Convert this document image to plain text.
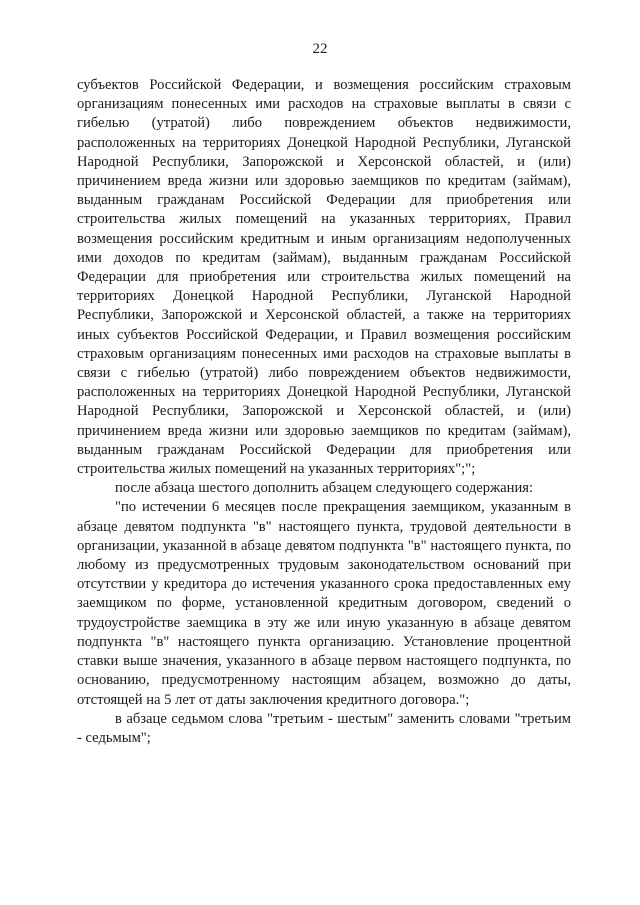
22

субъектов Российской Федерации, и возмещения российским страховым организациям понесенных ими расходов на страховые выплаты в связи с гибелью (утратой) либо повреждением объектов недвижимости, расположенных на территориях Донецкой Народной Республики, Луганской Народной Республики, Запорожской и Херсонской областей, и (или) причинением вреда жизни или здоровью заемщиков по кредитам (займам), выданным гражданам Российской Федерации для приобретения или строительства жилых помещений на указанных территориях, Правил возмещения российским кредитным и иным организациям недополученных ими доходов по кредитам (займам), выданным гражданам Российской Федерации для приобретения или строительства жилых помещений на территориях Донецкой Народной Республики, Луганской Народной Республики, Запорожской и Херсонской областей, а также на территориях иных субъектов Российской Федерации, и Правил возмещения российским страховым организациям понесенных ими расходов на страховые выплаты в связи с гибелью (утратой) либо повреждением объектов недвижимости, расположенных на территориях Донецкой Народной Республики, Луганской Народной Республики, Запорожской и Херсонской областей, и (или) причинением вреда жизни или здоровью заемщиков по кредитам (займам), выданным гражданам Российской Федерации для приобретения или строительства жилых помещений на указанных территориях";";

после абзаца шестого дополнить абзацем следующего содержания:

"по истечении 6 месяцев после прекращения заемщиком, указанным в абзаце девятом подпункта "в" настоящего пункта, трудовой деятельности в организации, указанной в абзаце девятом подпункта "в" настоящего пункта, по любому из предусмотренных трудовым законодательством оснований при отсутствии у кредитора до истечения указанного срока предоставленных ему заемщиком по форме, установленной кредитным договором, сведений о трудоустройстве заемщика в эту же или иную указанную в абзаце девятом подпункта "в" настоящего пункта организацию. Установление процентной ставки выше значения, указанного в абзаце первом настоящего подпункта, по основанию, предусмотренному настоящим абзацем, возможно до даты, отстоящей на 5 лет от даты заключения кредитного договора.";

в абзаце седьмом слова "третьим - шестым" заменить словами "третьим - седьмым";
